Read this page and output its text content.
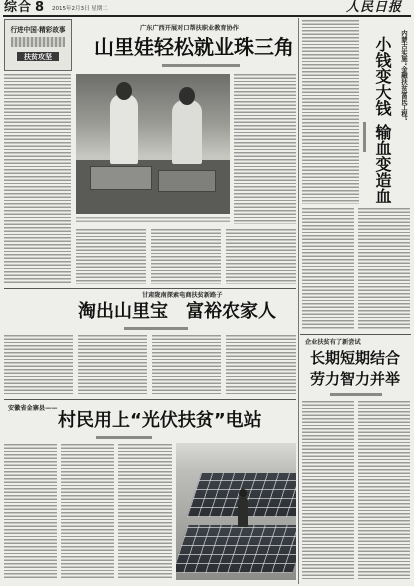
综合 8 2015年2月3日 星期二	人民日报
行进中国·精彩故事
扶贫攻坚
广东广西开展对口帮扶职业教育协作
山里娃轻松就业珠三角	内蒙古实施“金融扶贫富民工程”
小钱变大钱
输血变造血
甘肃陇南探索电商扶贫新路子
淘出山里宝　富裕农家人
企业扶贫有了新尝试
长期短期结合
劳力智力并举
安徽省金寨县——
村民用上“光伏扶贫”电站
